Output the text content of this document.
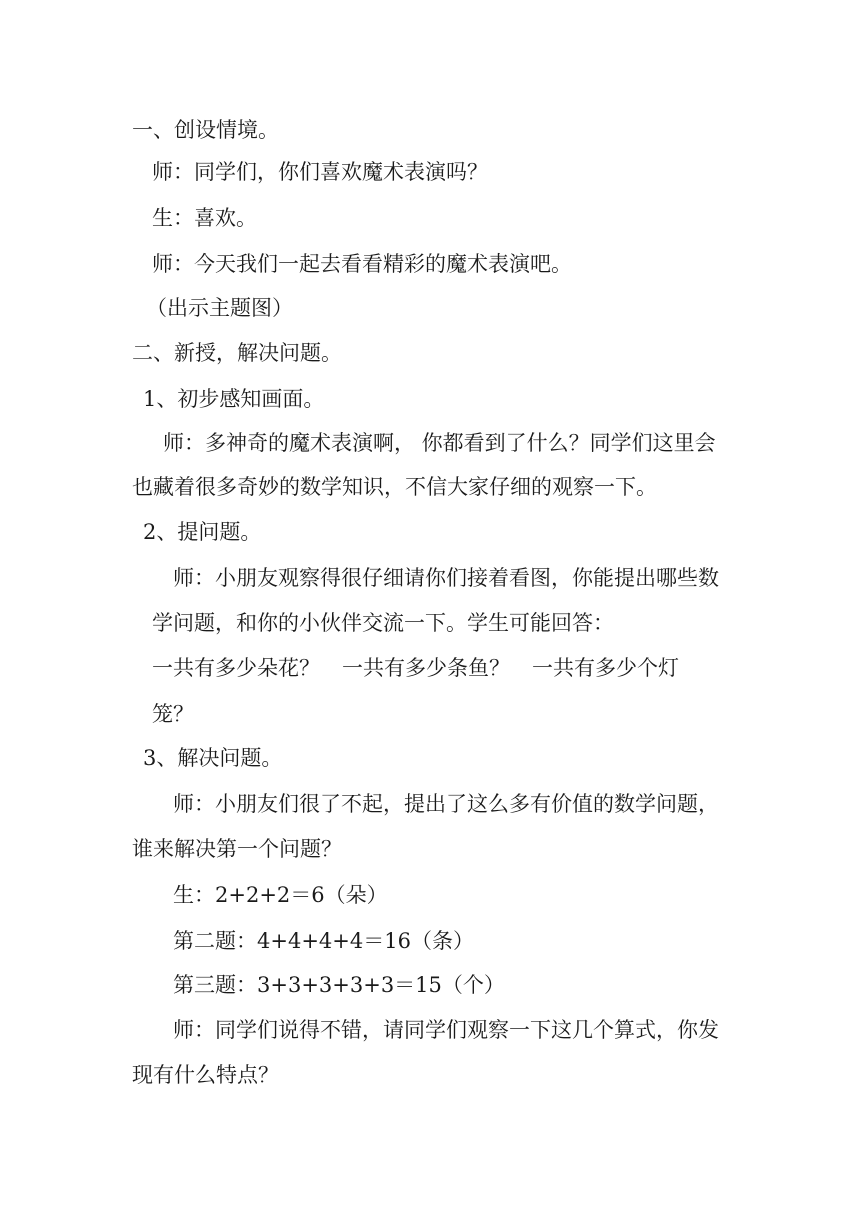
一、创设情境。
师：同学们，你们喜欢魔术表演吗？
生：喜欢。
师：今天我们一起去看看精彩的魔术表演吧。
（出示主题图）
二、新授，解决问题。
1、初步感知画面。
师：多神奇的魔术表演啊， 你都看到了什么？同学们这里会
也藏着很多奇妙的数学知识，不信大家仔细的观察一下。
2、提问题。
师：小朋友观察得很仔细请你们接着看图，你能提出哪些数
学问题，和你的小伙伴交流一下。学生可能回答：
一共有多少朵花？ 一共有多少条鱼？ 一共有多少个灯
笼？
3、解决问题。
师：小朋友们很了不起，提出了这么多有价值的数学问题，
谁来解决第一个问题？
生：2+2+2＝6（朵）
第二题：4+4+4+4＝16（条）
第三题：3+3+3+3+3＝15（个）
师：同学们说得不错，请同学们观察一下这几个算式，你发
现有什么特点？
